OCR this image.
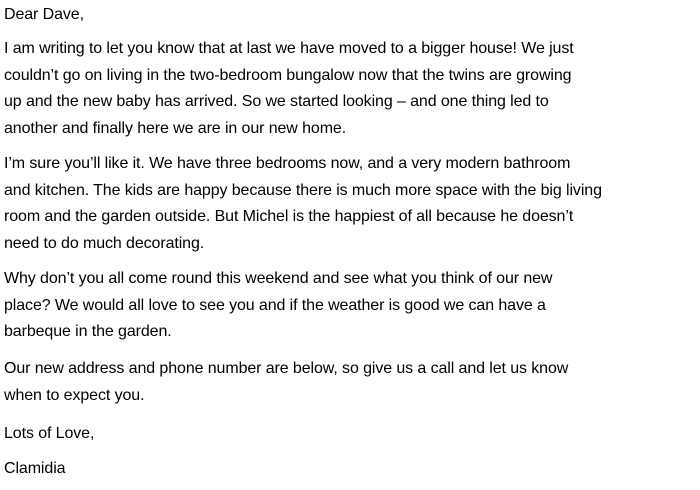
Dear Dave,
I am writing to let you know that at last we have moved to a bigger house! We just
couldn’t go on living in the two-bedroom bungalow now that the twins are growing
up and the new baby has arrived. So we started looking – and one thing led to
another and finally here we are in our new home.
I’m sure you’ll like it. We have three bedrooms now, and a very modern bathroom
and kitchen. The kids are happy because there is much more space with the big living
room and the garden outside. But Michel is the happiest of all because he doesn’t
need to do much decorating.
Why don’t you all come round this weekend and see what you think of our new
place? We would all love to see you and if the weather is good we can have a
barbeque in the garden.
Our new address and phone number are below, so give us a call and let us know
when to expect you.
Lots of Love,
Clamidia
